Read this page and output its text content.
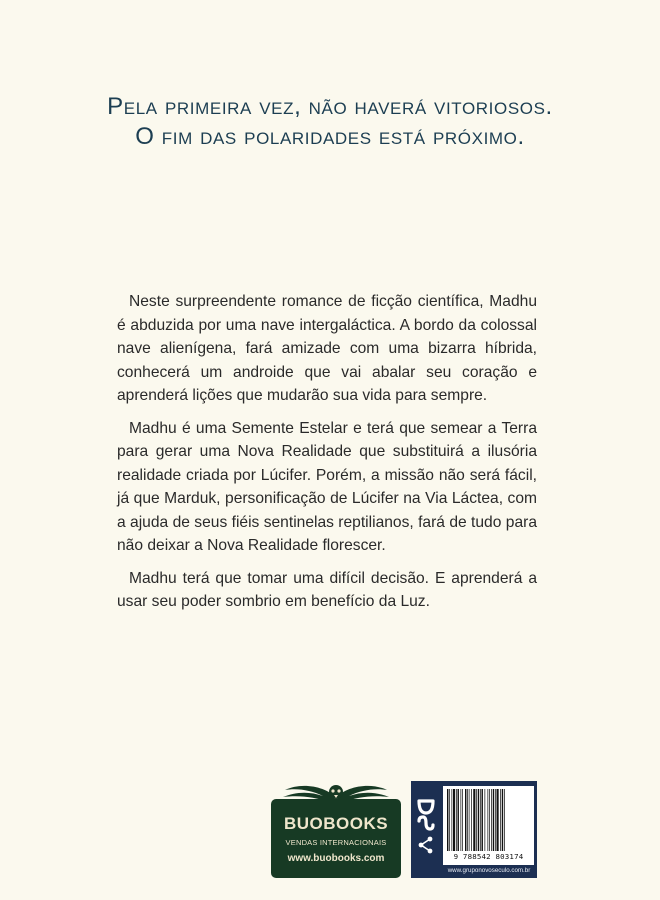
Pela primeira vez, não haverá vitoriosos.
O fim das polaridades está próximo.

Neste surpreendente romance de ficção científica, Madhu é abduzida por uma nave intergaláctica. A bordo da colossal nave alienígena, fará amizade com uma bizarra híbrida, conhecerá um androide que vai abalar seu coração e aprenderá lições que mudarão sua vida para sempre.

Madhu é uma Semente Estelar e terá que semear a Terra para gerar uma Nova Realidade que substituirá a ilusória realidade criada por Lúcifer. Porém, a missão não será fácil, já que Marduk, personificação de Lúcifer na Via Láctea, com a ajuda de seus fiéis sentinelas reptilianos, fará de tudo para não deixar a Nova Realidade florescer.

Madhu terá que tomar uma difícil decisão. E aprenderá a usar seu poder sombrio em benefício da Luz.

BUOBOOKS
VENDAS INTERNACIONAIS
www.buobooks.com	9 788542 803174
www.gruponovoseculo.com.br
